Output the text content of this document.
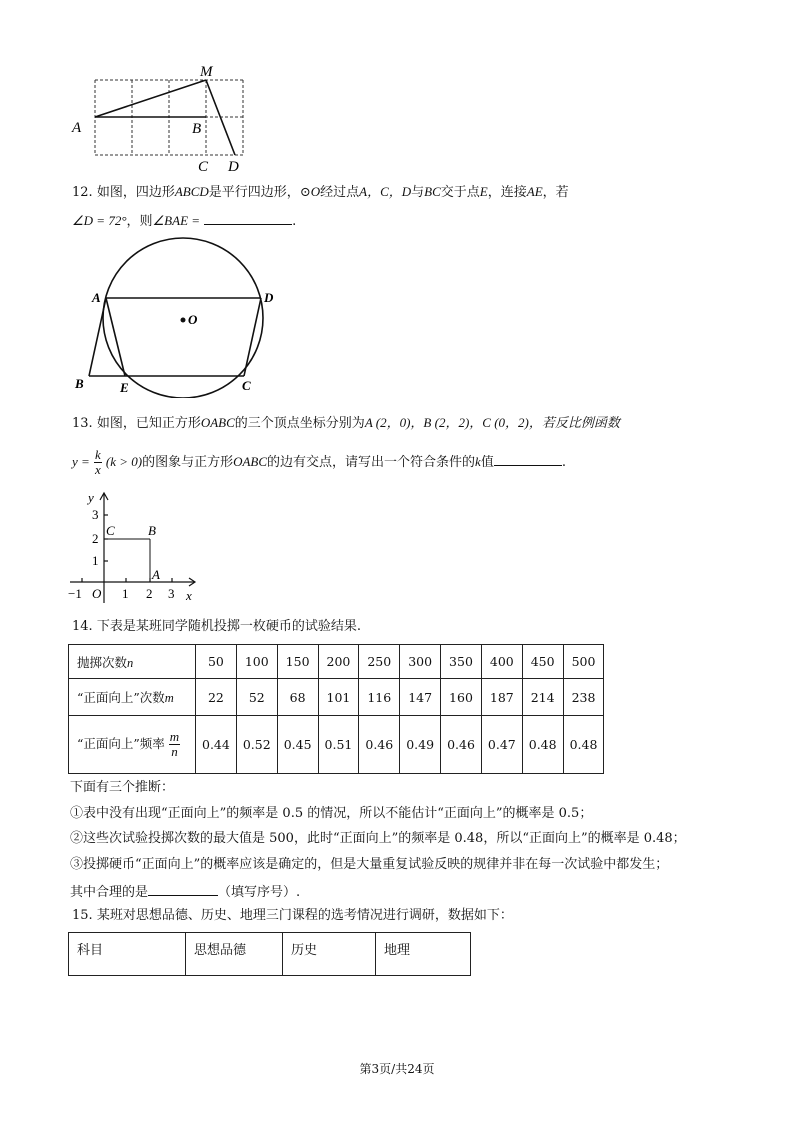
M
A	B
C D
12. 如图，四边形ABCD是平行四边形，⊙O经过点A，C，D与BC交于点E，连接AE，若
∠D = 72°，则∠BAE =	.
A	D
O
B	E	C
13. 如图，已知正方形OABC的三个顶点坐标分别为A (2，0)，B (2，2)，C (0，2)，若反比例函数
$y = \frac{k}{x} (k > 0)$的图象与正方形OABC的边有交点，请写出一个符合条件的k值	.
y
x
3
2
1
−1 O 1 2 3
C	B
A
14. 下表是某班同学随机投掷一枚硬币的试验结果.
抛掷次数n	50	100	150	200	250	300	350	400	450	500
“正面向上”次数m	22	52	68	101	116	147	160	187	214	238
“正面向上”频率 $\frac{m}{n}$	0.44	0.52	0.45	0.51	0.46	0.49	0.46	0.47	0.48	0.48
下面有三个推断：
①表中没有出现“正面向上”的频率是 0.5 的情况，所以不能估计“正面向上”的概率是 0.5；
②这些次试验投掷次数的最大值是 500，此时“正面向上”的频率是 0.48，所以“正面向上”的概率是 0.48；
③投掷硬币“正面向上”的概率应该是确定的，但是大量重复试验反映的规律并非在每一次试验中都发生；
其中合理的是	（填写序号）.
15. 某班对思想品德、历史、地理三门课程的选考情况进行调研，数据如下：
科目	思想品德	历史	地理
第3页/共24页
